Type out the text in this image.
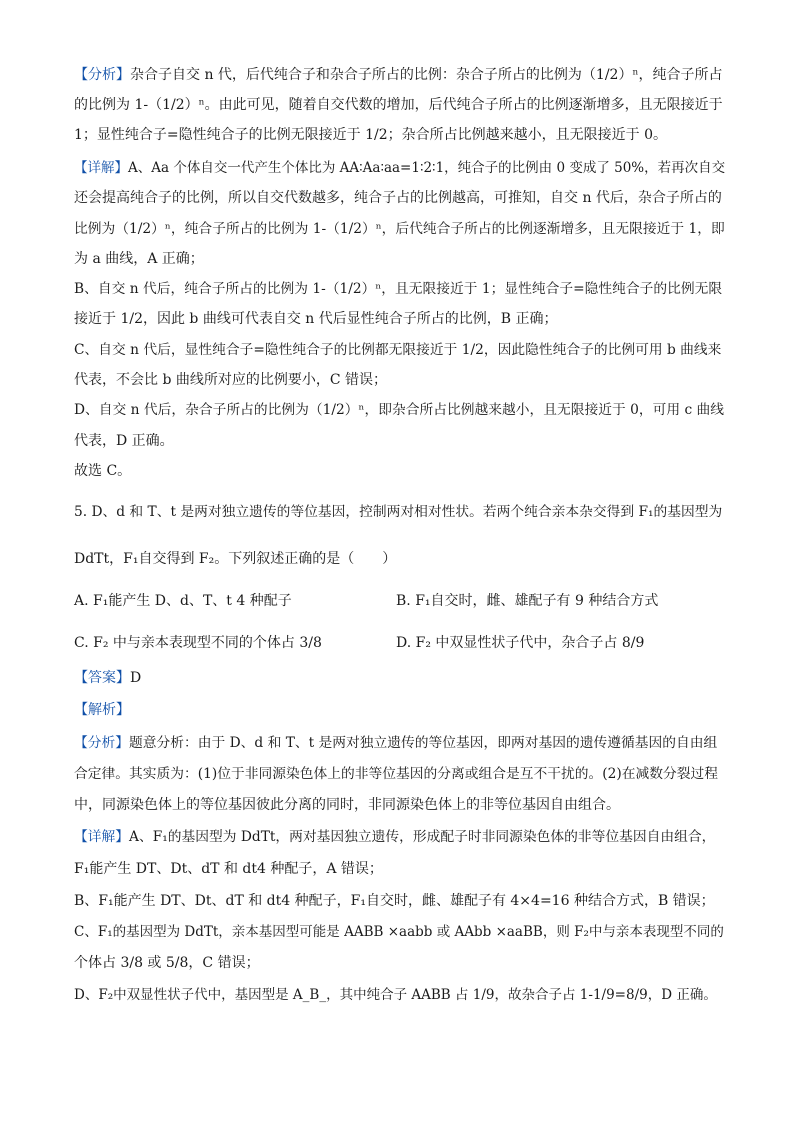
【分析】杂合子自交 n 代，后代纯合子和杂合子所占的比例：杂合子所占的比例为（1/2）ⁿ，纯合子所占
的比例为 1-（1/2）ⁿ。由此可见，随着自交代数的增加，后代纯合子所占的比例逐渐增多，且无限接近于
1；显性纯合子=隐性纯合子的比例无限接近于 1/2；杂合所占比例越来越小，且无限接近于 0。
【详解】A、Aa 个体自交一代产生个体比为 AA∶Aa∶aa=1∶2∶1，纯合子的比例由 0 变成了 50%，若再次自交
还会提高纯合子的比例，所以自交代数越多，纯合子占的比例越高，可推知，自交 n 代后，杂合子所占的
比例为（1/2）ⁿ，纯合子所占的比例为 1-（1/2）ⁿ，后代纯合子所占的比例逐渐增多，且无限接近于 1，即
为 a 曲线，A 正确；
B、自交 n 代后，纯合子所占的比例为 1-（1/2）ⁿ，且无限接近于 1；显性纯合子=隐性纯合子的比例无限
接近于 1/2，因此 b 曲线可代表自交 n 代后显性纯合子所占的比例，B 正确；
C、自交 n 代后，显性纯合子=隐性纯合子的比例都无限接近于 1/2，因此隐性纯合子的比例可用 b 曲线来
代表，不会比 b 曲线所对应的比例要小，C 错误；
D、自交 n 代后，杂合子所占的比例为（1/2）ⁿ，即杂合所占比例越来越小，且无限接近于 0，可用 c 曲线
代表，D 正确。
故选 C。
5. D、d 和 T、t 是两对独立遗传的等位基因，控制两对相对性状。若两个纯合亲本杂交得到 F₁的基因型为
DdTt，F₁自交得到 F₂。下列叙述正确的是（　　）
A. F₁能产生 D、d、T、t 4 种配子	B. F₁自交时，雌、雄配子有 9 种结合方式
C. F₂ 中与亲本表现型不同的个体占 3/8	D. F₂ 中双显性状子代中，杂合子占 8/9
【答案】D
【解析】
【分析】题意分析：由于 D、d 和 T、t 是两对独立遗传的等位基因，即两对基因的遗传遵循基因的自由组
合定律。其实质为：(1)位于非同源染色体上的非等位基因的分离或组合是互不干扰的。(2)在减数分裂过程
中，同源染色体上的等位基因彼此分离的同时，非同源染色体上的非等位基因自由组合。
【详解】A、F₁的基因型为 DdTt，两对基因独立遗传，形成配子时非同源染色体的非等位基因自由组合，
F₁能产生 DT、Dt、dT 和 dt4 种配子，A 错误；
B、F₁能产生 DT、Dt、dT 和 dt4 种配子，F₁自交时，雌、雄配子有 4×4=16 种结合方式，B 错误；
C、F₁的基因型为 DdTt，亲本基因型可能是 AABB ×aabb 或 AAbb ×aaBB，则 F₂中与亲本表现型不同的
个体占 3/8 或 5/8，C 错误；
D、F₂中双显性状子代中，基因型是 A_B_，其中纯合子 AABB 占 1/9，故杂合子占 1-1/9=8/9，D 正确。
